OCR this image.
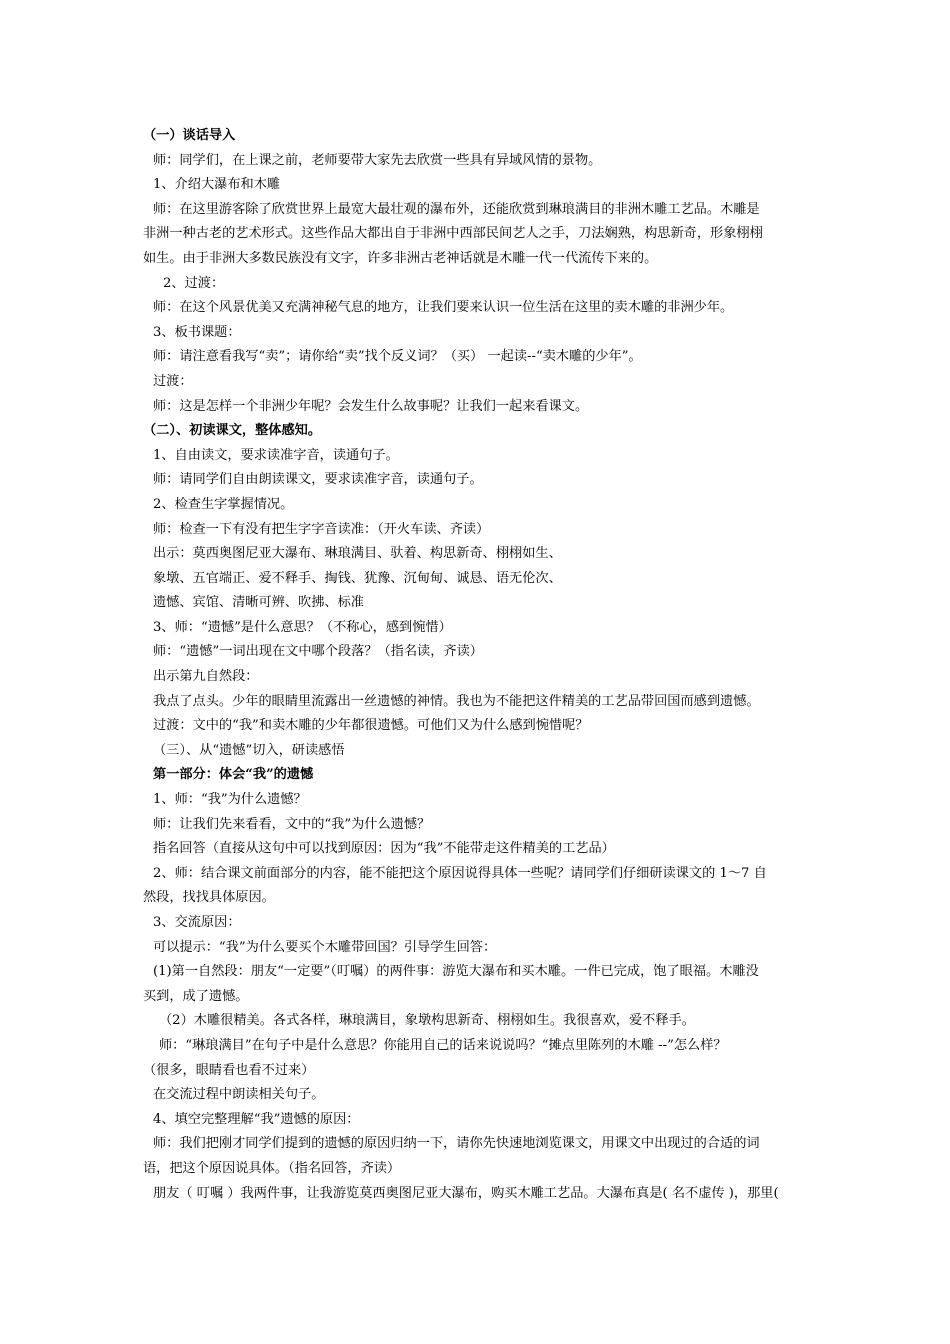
（一）谈话导入

师：同学们，在上课之前，老师要带大家先去欣赏一些具有异域风情的景物。

1、介绍大瀑布和木雕

师：在这里游客除了欣赏世界上最宽大最壮观的瀑布外，还能欣赏到琳琅满目的非洲木雕工艺品。木雕是

非洲一种古老的艺术形式。这些作品大都出自于非洲中西部民间艺人之手，刀法娴熟，构思新奇，形象栩栩

如生。由于非洲大多数民族没有文字，许多非洲古老神话就是木雕一代一代流传下来的。

2、过渡：

师：在这个风景优美又充满神秘气息的地方，让我们要来认识一位生活在这里的卖木雕的非洲少年。

3、板书课题：

师：请注意看我写“卖”；请你给“卖”找个反义词？（买） 一起读--“卖木雕的少年”。

过渡：

师：这是怎样一个非洲少年呢？会发生什么故事呢？让我们一起来看课文。

（二）、初读课文，整体感知。

1、自由读文，要求读准字音，读通句子。

师：请同学们自由朗读课文，要求读准字音，读通句子。

2、检查生字掌握情况。

师：检查一下有没有把生字字音读准：（开火车读、齐读）

出示：莫西奥图尼亚大瀑布、琳琅满目、驮着、构思新奇、栩栩如生、

象墩、五官端正、爱不释手、掏钱、犹豫、沉甸甸、诚恳、语无伦次、

遗憾、宾馆、清晰可辨、吹拂、标准

3、师：“遗憾”是什么意思？（不称心，感到惋惜）

师：“遗憾”一词出现在文中哪个段落？（指名读，齐读）

出示第九自然段：

我点了点头。少年的眼睛里流露出一丝遗憾的神情。我也为不能把这件精美的工艺品带回国而感到遗憾。

过渡：文中的“我”和卖木雕的少年都很遗憾。可他们又为什么感到惋惜呢？

（三）、从“遗憾”切入，研读感悟

第一部分：体会“我”的遗憾

1、师：“我”为什么遗憾？

师：让我们先来看看，文中的“我”为什么遗憾？

指名回答（直接从这句中可以找到原因：因为“我”不能带走这件精美的工艺品）

2、师：结合课文前面部分的内容，能不能把这个原因说得具体一些呢？请同学们仔细研读课文的 1～7 自

然段，找找具体原因。

3、交流原因：

可以提示：“我”为什么要买个木雕带回国？引导学生回答：

(1)第一自然段：朋友“一定要”（叮嘱）的两件事：游览大瀑布和买木雕。一件已完成，饱了眼福。木雕没

买到，成了遗憾。

（2）木雕很精美。各式各样，琳琅满目，象墩构思新奇、栩栩如生。我很喜欢，爱不释手。

师：“琳琅满目”在句子中是什么意思？你能用自己的话来说说吗？“摊点里陈列的木雕 --”怎么样？

（很多，眼睛看也看不过来）

在交流过程中朗读相关句子。

4、填空完整理解“我”遗憾的原因：

师：我们把刚才同学们提到的遗憾的原因归纳一下，请你先快速地浏览课文，用课文中出现过的合适的词

语，把这个原因说具体。（指名回答，齐读）

朋友（ 叮嘱 ）我两件事，让我游览莫西奥图尼亚大瀑布，购买木雕工艺品。大瀑布真是( 名不虚传 )，那里(
